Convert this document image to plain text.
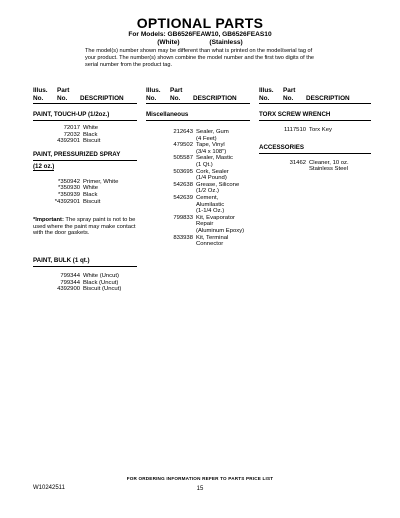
OPTIONAL PARTS
For Models: GB6526FEAW10, GB6526FEAS10
(White)	(Stainless)
The model(s) number shown may be different than what is printed on the model/serial tag of your product. The number(s) shown combine the model number and the first two digits of the serial number from the product tag.
Illus.
No.
Part
No.	DESCRIPTION
PAINT, TOUCH-UP (1/2oz.)
72017 White
72032 Black
4392901 Biscuit
PAINT, PRESSURIZED SPRAY
(12 oz.)
*350942 Primer, White
*350930 White
*350939 Black
*4392901 Biscuit
*Important: The spray paint is not to be used where the paint may make contact with the door gaskets.
PAINT, BULK (1 qt.)
799344 White (Uncut)
799344 Black (Uncut)
4392900 Biscuit (Uncut)
Illus.
No.
Part
No.	DESCRIPTION
Miscellaneous
212643 Sealer, Gum
(4 Feet)
479502 Tape, Vinyl
(3/4 x 108")
505587 Sealer, Mastic
(1 Qt.)
503695 Cork, Sealer
(1/4 Pound)
542638 Grease, Silicone
(1/2 Oz.)
542639 Cement,
Alumilastic
(1-1/4 Oz.)
799833 Kit, Evaporator
Repair
(Aluminum Epoxy)
833938 Kit, Terminal
Connector
Illus.
No.
Part
No.	DESCRIPTION
TORX SCREW WRENCH
1117510 Torx Key
ACCESSORIES
31462 Cleaner, 10 oz.
Stainless Steel
FOR ORDERING INFORMATION REFER TO PARTS PRICE LIST
W10242511	15
